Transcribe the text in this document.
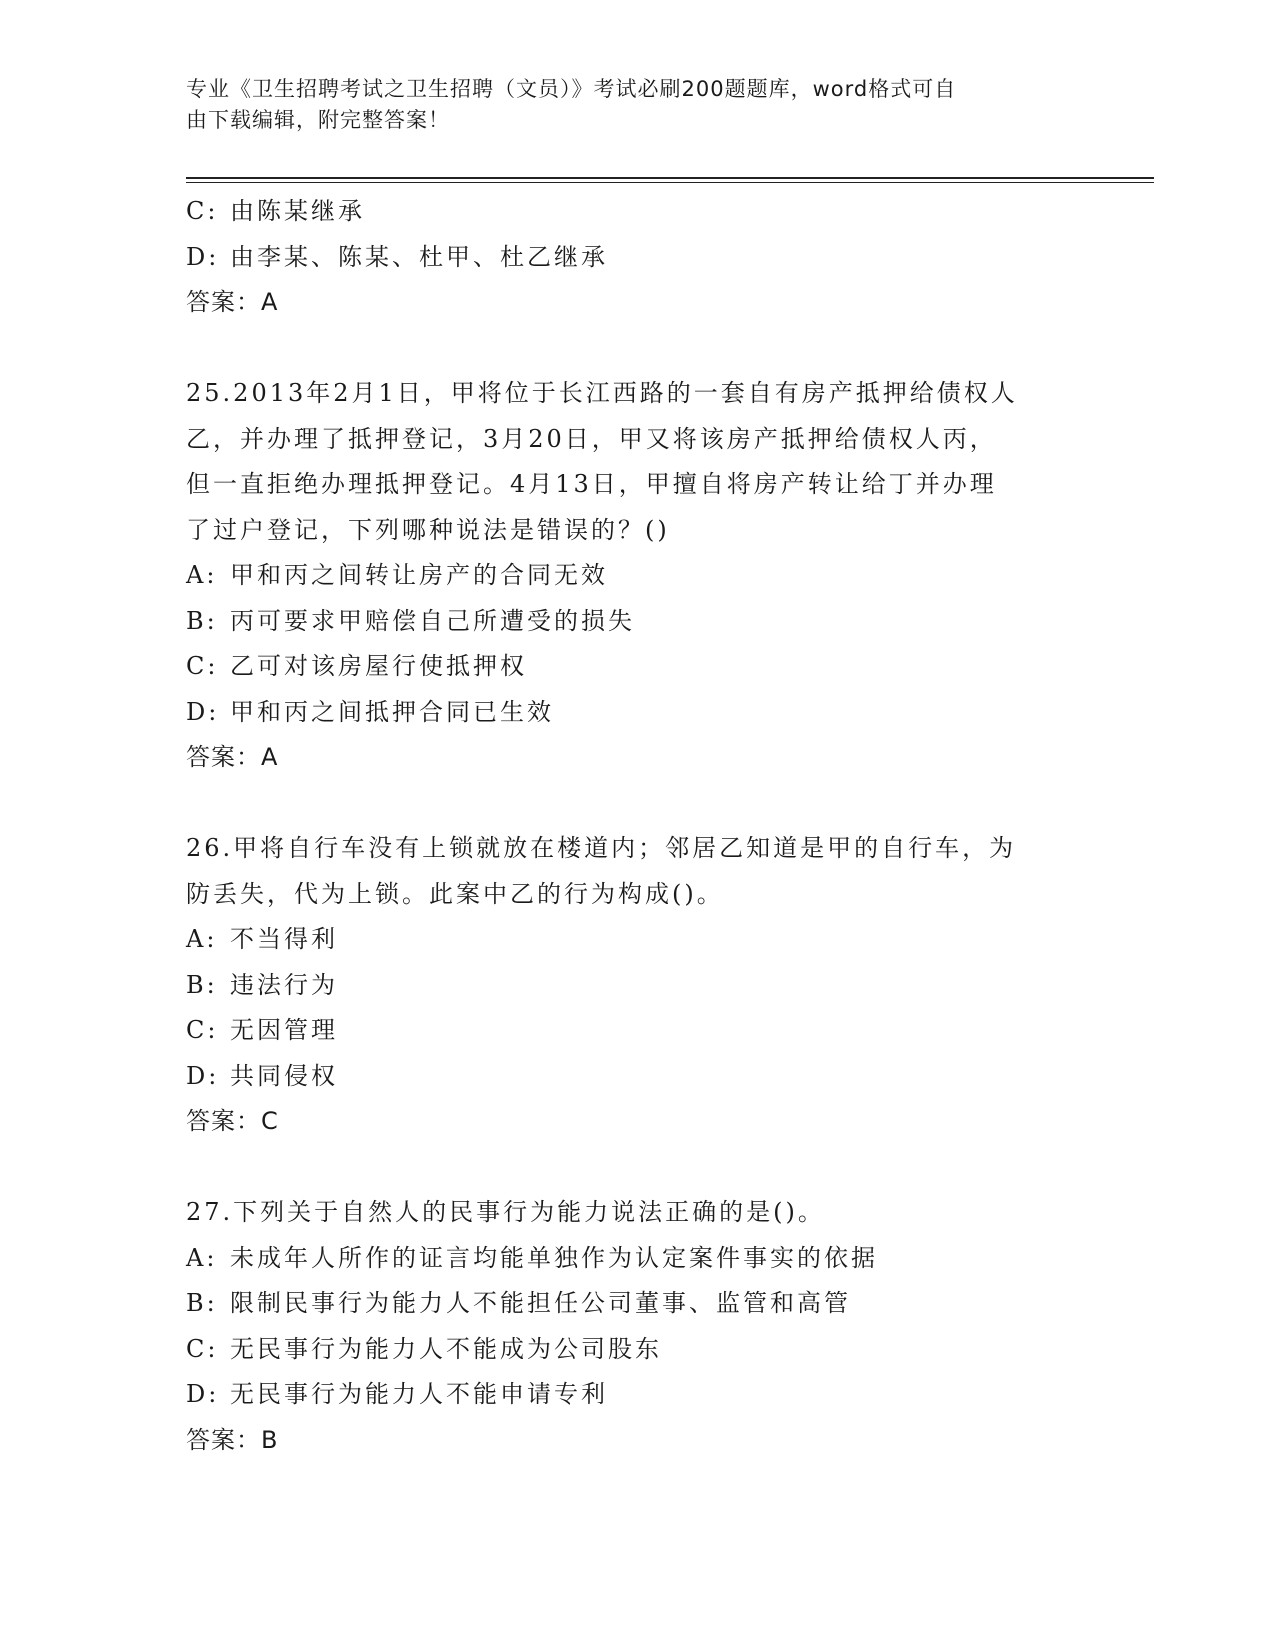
专业《卫生招聘考试之卫生招聘（文员）》考试必刷200题题库，word格式可自
由下载编辑，附完整答案！
C: 由陈某继承
D: 由李某、陈某、杜甲、杜乙继承
答案：A
25.2013年2月1日，甲将位于长江西路的一套自有房产抵押给债权人
乙，并办理了抵押登记，3月20日，甲又将该房产抵押给债权人丙，
但一直拒绝办理抵押登记。4月13日，甲擅自将房产转让给丁并办理
了过户登记，下列哪种说法是错误的？()
A: 甲和丙之间转让房产的合同无效
B: 丙可要求甲赔偿自己所遭受的损失
C: 乙可对该房屋行使抵押权
D: 甲和丙之间抵押合同已生效
答案：A
26.甲将自行车没有上锁就放在楼道内；邻居乙知道是甲的自行车，为
防丢失，代为上锁。此案中乙的行为构成()。
A: 不当得利
B: 违法行为
C: 无因管理
D: 共同侵权
答案：C
27.下列关于自然人的民事行为能力说法正确的是()。
A: 未成年人所作的证言均能单独作为认定案件事实的依据
B: 限制民事行为能力人不能担任公司董事、监管和高管
C: 无民事行为能力人不能成为公司股东
D: 无民事行为能力人不能申请专利
答案：B
